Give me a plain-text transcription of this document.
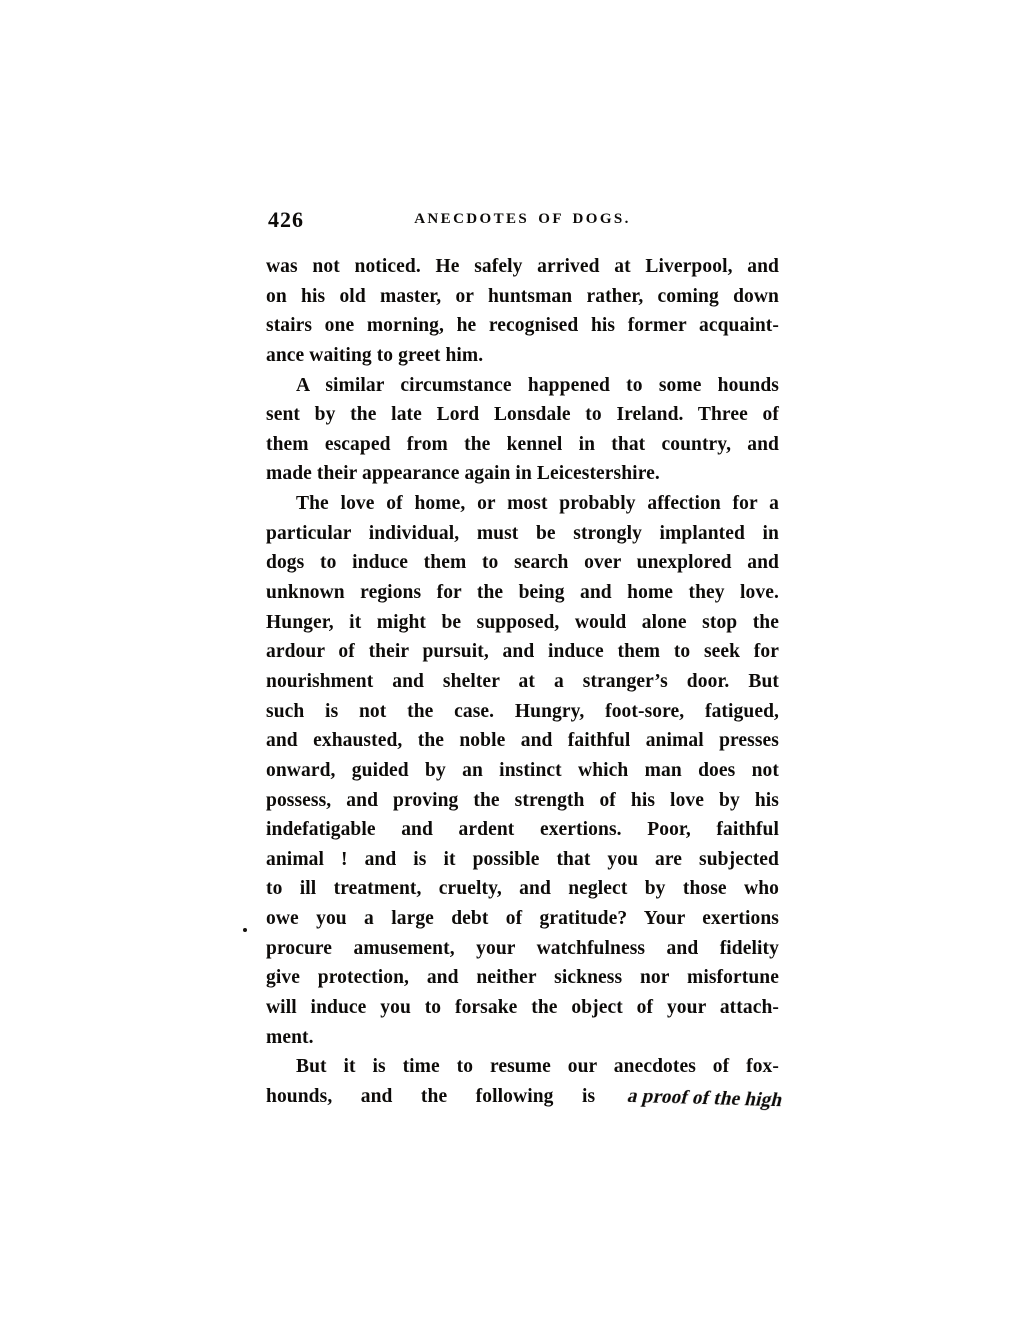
426	ANECDOTES OF DOGS.
was not noticed. He safely arrived at Liverpool, and
on his old master, or huntsman rather, coming down
stairs one morning, he recognised his former acquaint-
ance waiting to greet him.
A similar circumstance happened to some hounds
sent by the late Lord Lonsdale to Ireland. Three of
them escaped from the kennel in that country, and
made their appearance again in Leicestershire.
The love of home, or most probably affection for a
particular individual, must be strongly implanted in
dogs to induce them to search over unexplored and
unknown regions for the being and home they love.
Hunger, it might be supposed, would alone stop the
ardour of their pursuit, and induce them to seek for
nourishment and shelter at a stranger’s door. But
such is not the case. Hungry, foot-sore, fatigued,
and exhausted, the noble and faithful animal presses
onward, guided by an instinct which man does not
possess, and proving the strength of his love by his
indefatigable and ardent exertions. Poor, faithful
animal ! and is it possible that you are subjected
to ill treatment, cruelty, and neglect by those who
owe you a large debt of gratitude? Your exertions
procure amusement, your watchfulness and fidelity
give protection, and neither sickness nor misfortune
will induce you to forsake the object of your attach-
ment.
But it is time to resume our anecdotes of fox-
hounds, and the following is a proof of the high
